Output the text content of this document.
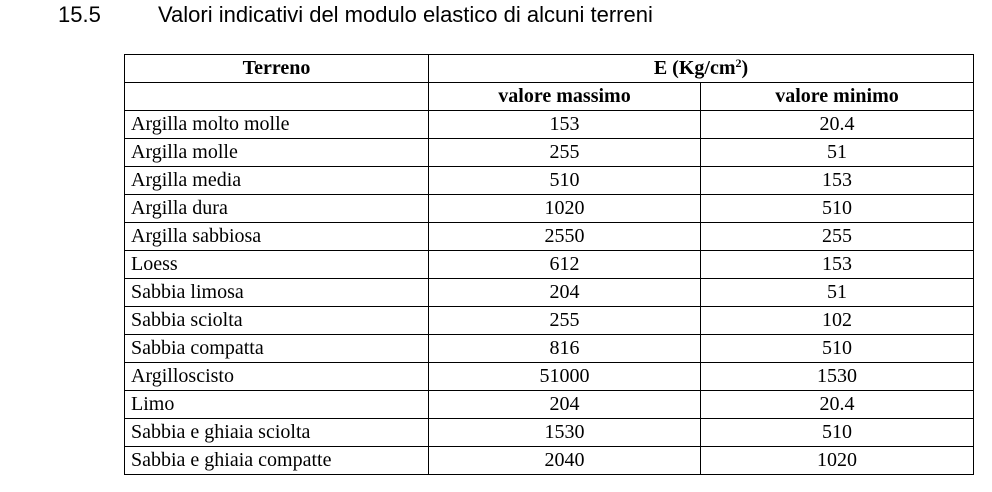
15.5	Valori indicativi del modulo elastico di alcuni terreni
Terreno	E $(Kg/cm^2)$	
	valore massimo	valore minimo
Argilla molto molle	153	20.4
Argilla molle	255	51
Argilla media	510	153
Argilla dura	1020	510
Argilla sabbiosa	2550	255
Loess	612	153
Sabbia limosa	204	51
Sabbia sciolta	255	102
Sabbia compatta	816	510
Argilloscisto	51000	1530
Limo	204	20.4
Sabbia e ghiaia sciolta	1530	510
Sabbia e ghiaia compatte	2040	1020
